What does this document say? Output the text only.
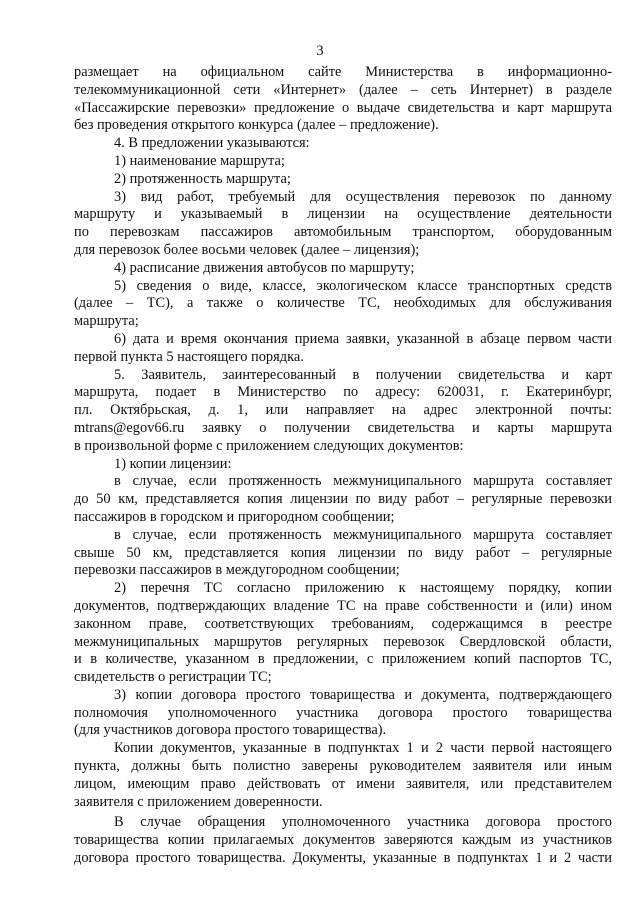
3

размещает на официальном сайте Министерства в информационно-

телекоммуникационной сети «Интернет» (далее – сеть Интернет) в разделе

«Пассажирские перевозки» предложение о выдаче свидетельства и карт маршрута

без проведения открытого конкурса (далее – предложение).

4. В предложении указываются:

1) наименование маршрута;

2) протяженность маршрута;

3) вид работ, требуемый для осуществления перевозок по данному

маршруту и указываемый в лицензии на осуществление деятельности

по перевозкам пассажиров автомобильным транспортом, оборудованным

для перевозок более восьми человек (далее – лицензия);

4) расписание движения автобусов по маршруту;

5) сведения о виде, классе, экологическом классе транспортных средств

(далее – ТС), а также о количестве ТС, необходимых для обслуживания

маршрута;

6) дата и время окончания приема заявки, указанной в абзаце первом части

первой пункта 5 настоящего порядка.

5. Заявитель, заинтересованный в получении свидетельства и карт

маршрута, подает в Министерство по адресу: 620031, г. Екатеринбург,

пл. Октябрьская, д. 1, или направляет на адрес электронной почты:

mtrans@egov66.ru заявку о получении свидетельства и карты маршрута

в произвольной форме с приложением следующих документов:

1) копии лицензии:

в случае, если протяженность межмуниципального маршрута составляет

до 50 км, представляется копия лицензии по виду работ – регулярные перевозки

пассажиров в городском и пригородном сообщении;

в случае, если протяженность межмуниципального маршрута составляет

свыше 50 км, представляется копия лицензии по виду работ – регулярные

перевозки пассажиров в междугородном сообщении;

2) перечня ТС согласно приложению к настоящему порядку, копии

документов, подтверждающих владение ТС на праве собственности и (или) ином

законном праве, соответствующих требованиям, содержащимся в реестре

межмуниципальных маршрутов регулярных перевозок Свердловской области,

и в количестве, указанном в предложении, с приложением копий паспортов ТС,

свидетельств о регистрации ТС;

3) копии договора простого товарищества и документа, подтверждающего

полномочия уполномоченного участника договора простого товарищества

(для участников договора простого товарищества).

Копии документов, указанные в подпунктах 1 и 2 части первой настоящего

пункта, должны быть полистно заверены руководителем заявителя или иным

лицом, имеющим право действовать от имени заявителя, или представителем

заявителя с приложением доверенности.

В случае обращения уполномоченного участника договора простого

товарищества копии прилагаемых документов заверяются каждым из участников

договора простого товарищества. Документы, указанные в подпунктах 1 и 2 части
